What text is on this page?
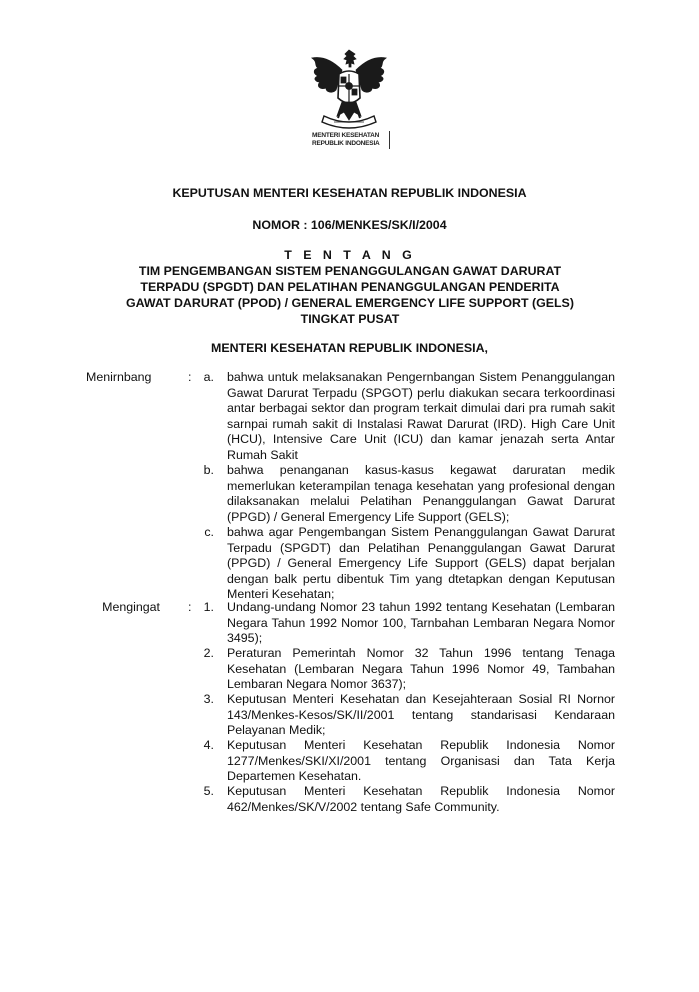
MENTERI KESEHATAN
REPUBLIK INDONESIA
KEPUTUSAN MENTERI KESEHATAN REPUBLIK INDONESIA
NOMOR : 106/MENKES/SK/I/2004
T E N T A N G
TIM PENGEMBANGAN SISTEM PENANGGULANGAN GAWAT DARURAT
TERPADU (SPGDT) DAN PELATIHAN PENANGGULANGAN PENDERITA
GAWAT DARURAT (PPOD) / GENERAL EMERGENCY LIFE SUPPORT (GELS)
TINGKAT PUSAT
MENTERI KESEHATAN REPUBLIK INDONESIA,
Menirnbang	: a. bahwa untuk melaksanakan Pengernbangan Sistem Penanggulangan Gawat Darurat Terpadu (SPGOT) perlu diakukan secara terkoordinasi antar berbagai sektor dan program terkait dimulai dari pra rumah sakit sarnpai rumah sakit di Instalasi Rawat Darurat (IRD). High Care Unit (HCU), Intensive Care Unit (ICU) dan kamar jenazah serta Antar Rumah Sakit
b. bahwa penanganan kasus-kasus kegawat daruratan medik memerlukan keterampilan tenaga kesehatan yang profesional dengan dilaksanakan melalui Pelatihan Penanggulangan Gawat Darurat (PPGD) / General Emergency Life Support (GELS);
c. bahwa agar Pengembangan Sistem Penanggulangan Gawat Darurat Terpadu (SPGDT) dan Pelatihan Penanggulangan Gawat Darurat (PPGD) / General Emergency Life Support (GELS) dapat berjalan dengan balk pertu dibentuk Tim yang dtetapkan dengan Keputusan Menteri Kesehatan;
Mengingat : 1. Undang-undang Nomor 23 tahun 1992 tentang Kesehatan (Lembaran Negara Tahun 1992 Nomor 100, Tarnbahan Lembaran Negara Nomor 3495);
2. Peraturan Pemerintah Nomor 32 Tahun 1996 tentang Tenaga Kesehatan (Lembaran Negara Tahun 1996 Nomor 49, Tambahan Lembaran Negara Nomor 3637);
3. Keputusan Menteri Kesehatan dan Kesejahteraan Sosial RI Nornor 143/Menkes-Kesos/SK/II/2001 tentang standarisasi Kendaraan Pelayanan Medik;
4. Keputusan Menteri Kesehatan Republik Indonesia Nomor 1277/Menkes/SKI/XI/2001 tentang Organisasi dan Tata Kerja Departemen Kesehatan.
5. Keputusan Menteri Kesehatan Republik Indonesia Nomor 462/Menkes/SK/V/2002 tentang Safe Community.
